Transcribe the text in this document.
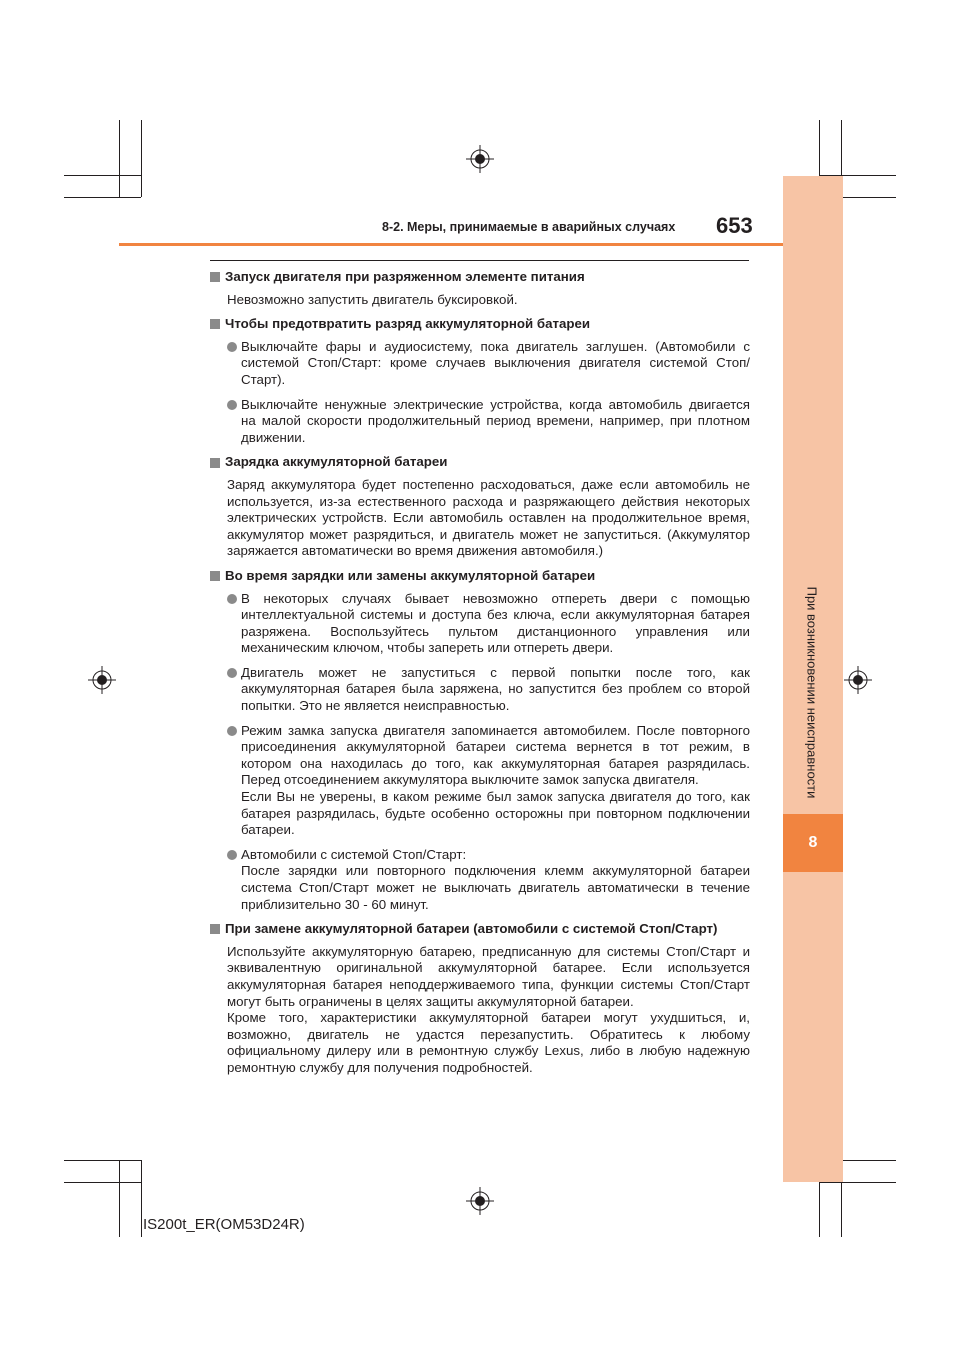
При возникновении неисправности
8
8-2. Меры, принимаемые в аварийных случаях 653
Запуск двигателя при разряженном элементе питания
Невозможно запустить двигатель буксировкой.
Чтобы предотвратить разряд аккумуляторной батареи
Выключайте фары и аудиосистему, пока двигатель заглушен. (Автомобили с системой Стоп/Старт: кроме случаев выключения двигателя системой Стоп/Старт).
Выключайте ненужные электрические устройства, когда автомобиль двигается на малой скорости продолжительный период времени, например, при плотном движении.
Зарядка аккумуляторной батареи
Заряд аккумулятора будет постепенно расходоваться, даже если автомобиль не используется, из-за естественного расхода и разряжающего действия некоторых электрических устройств. Если автомобиль оставлен на продолжительное время, аккумулятор может разрядиться, и двигатель может не запуститься. (Аккумулятор заряжается автоматически во время движения автомобиля.)
Во время зарядки или замены аккумуляторной батареи
В некоторых случаях бывает невозможно отпереть двери с помощью интеллектуальной системы и доступа без ключа, если аккумуляторная батарея разряжена. Воспользуйтесь пультом дистанционного управления или механическим ключом, чтобы запереть или отпереть двери.
Двигатель может не запуститься с первой попытки после того, как аккумуляторная батарея была заряжена, но запустится без проблем со второй попытки. Это не является неисправностью.
Режим замка запуска двигателя запоминается автомобилем. После повторного присоединения аккумуляторной батареи система вернется в тот режим, в котором она находилась до того, как аккумуляторная батарея разрядилась. Перед отсоединением аккумулятора выключите замок запуска двигателя.
Если Вы не уверены, в каком режиме был замок запуска двигателя до того, как батарея разрядилась, будьте особенно осторожны при повторном подключении батареи.
Автомобили с системой Стоп/Старт:
После зарядки или повторного подключения клемм аккумуляторной батареи система Стоп/Старт может не выключать двигатель автоматически в течение приблизительно 30 - 60 минут.
При замене аккумуляторной батареи (автомобили с системой Стоп/Старт)
Используйте аккумуляторную батарею, предписанную для системы Стоп/Старт и эквивалентную оригинальной аккумуляторной батарее. Если используется аккумуляторная батарея неподдерживаемого типа, функции системы Стоп/Старт могут быть ограничены в целях защиты аккумуляторной батареи.
Кроме того, характеристики аккумуляторной батареи могут ухудшиться, и, возможно, двигатель не удастся перезапустить. Обратитесь к любому официальному дилеру или в ремонтную службу Lexus, либо в любую надежную ремонтную службу для получения подробностей.
IS200t_ER(OM53D24R)
